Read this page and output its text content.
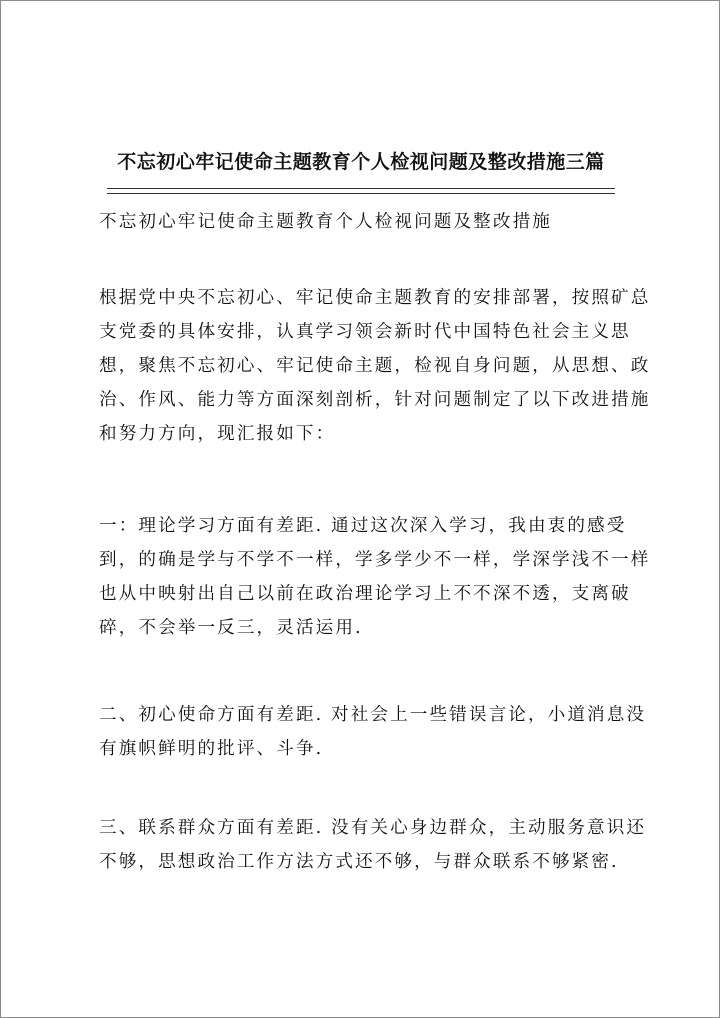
不忘初心牢记使命主题教育个人检视问题及整改措施三篇
不忘初心牢记使命主题教育个人检视问题及整改措施
根据党中央不忘初心、牢记使命主题教育的安排部署，按照矿总
支党委的具体安排，认真学习领会新时代中国特色社会主义思
想，聚焦不忘初心、牢记使命主题，检视自身问题，从思想、政
治、作风、能力等方面深刻剖析，针对问题制定了以下改进措施
和努力方向，现汇报如下：
一：理论学习方面有差距. 通过这次深入学习，我由衷的感受
到，的确是学与不学不一样，学多学少不一样，学深学浅不一样
也从中映射出自己以前在政治理论学习上不不深不透，支离破
碎，不会举一反三，灵活运用.
二、初心使命方面有差距. 对社会上一些错误言论，小道消息没
有旗帜鲜明的批评、斗争.
三、联系群众方面有差距. 没有关心身边群众，主动服务意识还
不够，思想政治工作方法方式还不够，与群众联系不够紧密.
